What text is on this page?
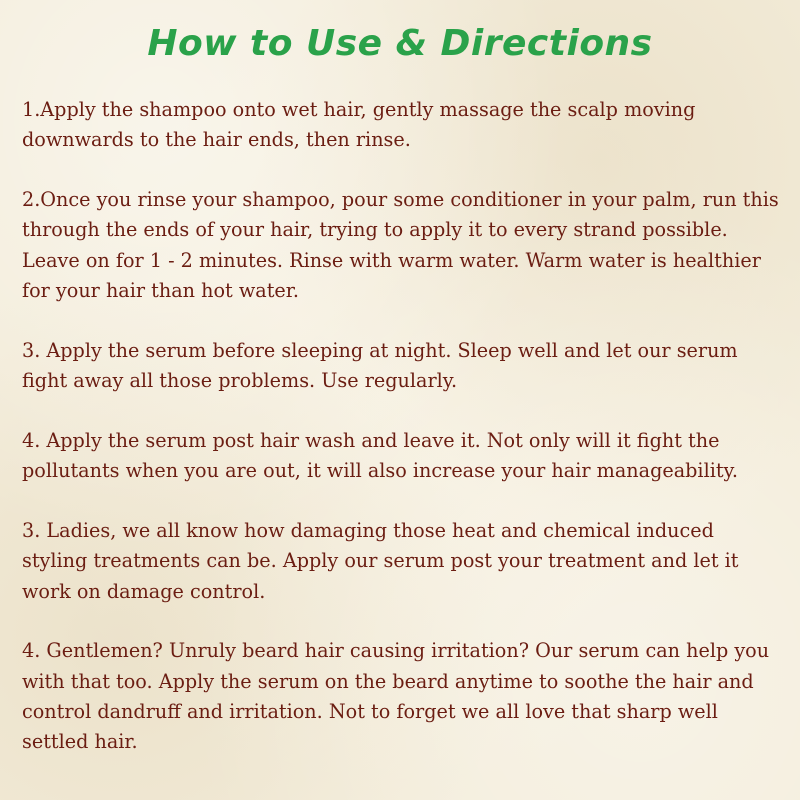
How to Use & Directions
1.Apply the shampoo onto wet hair, gently massage the scalp moving downwards to the hair ends, then rinse.
2.Once you rinse your shampoo, pour some conditioner in your palm, run this through the ends of your hair, trying to apply it to every strand possible. Leave on for 1 - 2 minutes. Rinse with warm water. Warm water is healthier for your hair than hot water.
3. Apply the serum before sleeping at night. Sleep well and let our serum fight away all those problems. Use regularly.
4. Apply the serum post hair wash and leave it. Not only will it fight the pollutants when you are out, it will also increase your hair manageability.
3. Ladies, we all know how damaging those heat and chemical induced styling treatments can be. Apply our serum post your treatment and let it work on damage control.
4. Gentlemen? Unruly beard hair causing irritation? Our serum can help you with that too. Apply the serum on the beard anytime to soothe the hair and control dandruff and irritation. Not to forget we all love that sharp well settled hair.
